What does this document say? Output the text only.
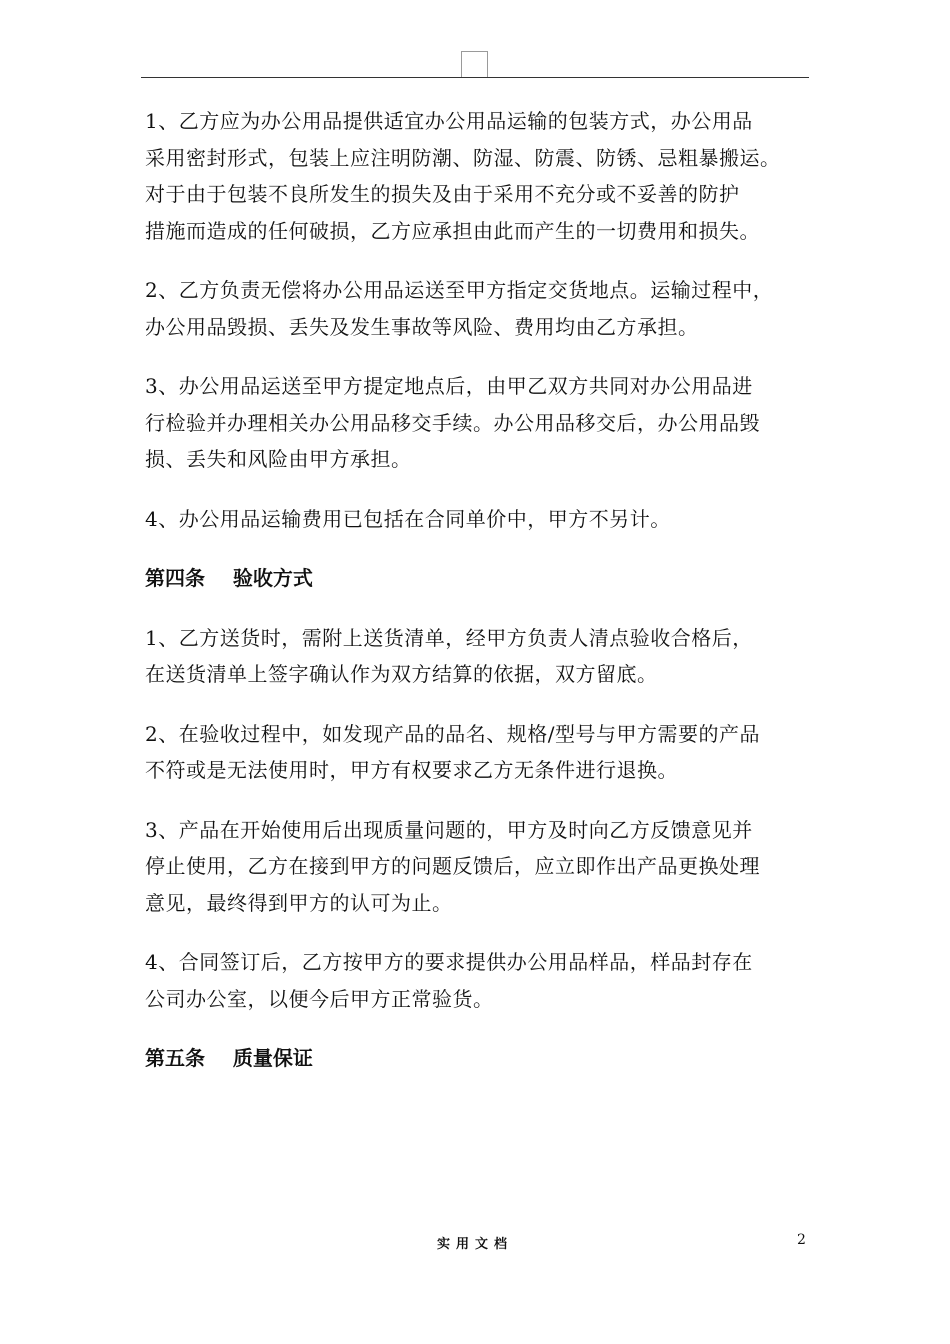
1、乙方应为办公用品提供适宜办公用品运输的包装方式，办公用品
采用密封形式，包装上应注明防潮、防湿、防震、防锈、忌粗暴搬运。
对于由于包装不良所发生的损失及由于采用不充分或不妥善的防护
措施而造成的任何破损，乙方应承担由此而产生的一切费用和损失。

2、乙方负责无偿将办公用品运送至甲方指定交货地点。运输过程中，
办公用品毁损、丢失及发生事故等风险、费用均由乙方承担。

3、办公用品运送至甲方提定地点后，由甲乙双方共同对办公用品进
行检验并办理相关办公用品移交手续。办公用品移交后，办公用品毁
损、丢失和风险由甲方承担。

4、办公用品运输费用已包括在合同单价中，甲方不另计。

第四条    验收方式

1、乙方送货时，需附上送货清单，经甲方负责人清点验收合格后，
在送货清单上签字确认作为双方结算的依据，双方留底。

2、在验收过程中，如发现产品的品名、规格/型号与甲方需要的产品
不符或是无法使用时，甲方有权要求乙方无条件进行退换。

3、产品在开始使用后出现质量问题的，甲方及时向乙方反馈意见并
停止使用，乙方在接到甲方的问题反馈后，应立即作出产品更换处理
意见，最终得到甲方的认可为止。

4、合同签订后，乙方按甲方的要求提供办公用品样品，样品封存在
公司办公室，以便今后甲方正常验货。

第五条    质量保证

实用文档	2
